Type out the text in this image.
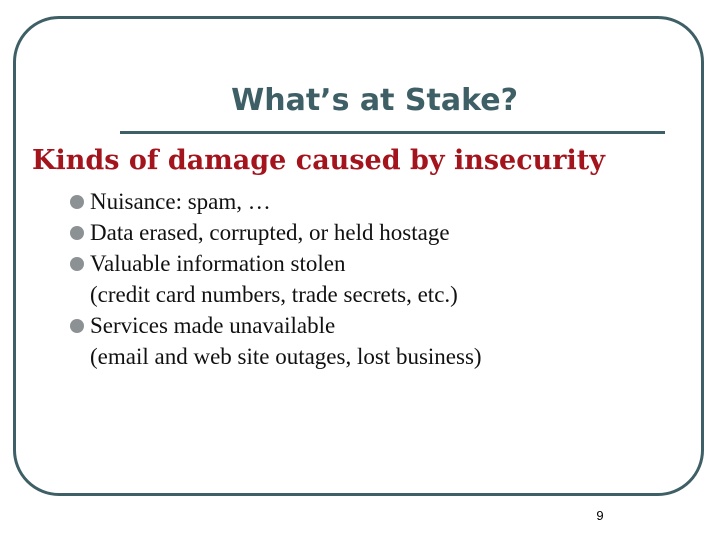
What’s at Stake?
Kinds of damage caused by insecurity
Nuisance: spam, …
Data erased, corrupted, or held hostage
Valuable information stolen
(credit card numbers, trade secrets, etc.)
Services made unavailable
(email and web site outages, lost business)
9
